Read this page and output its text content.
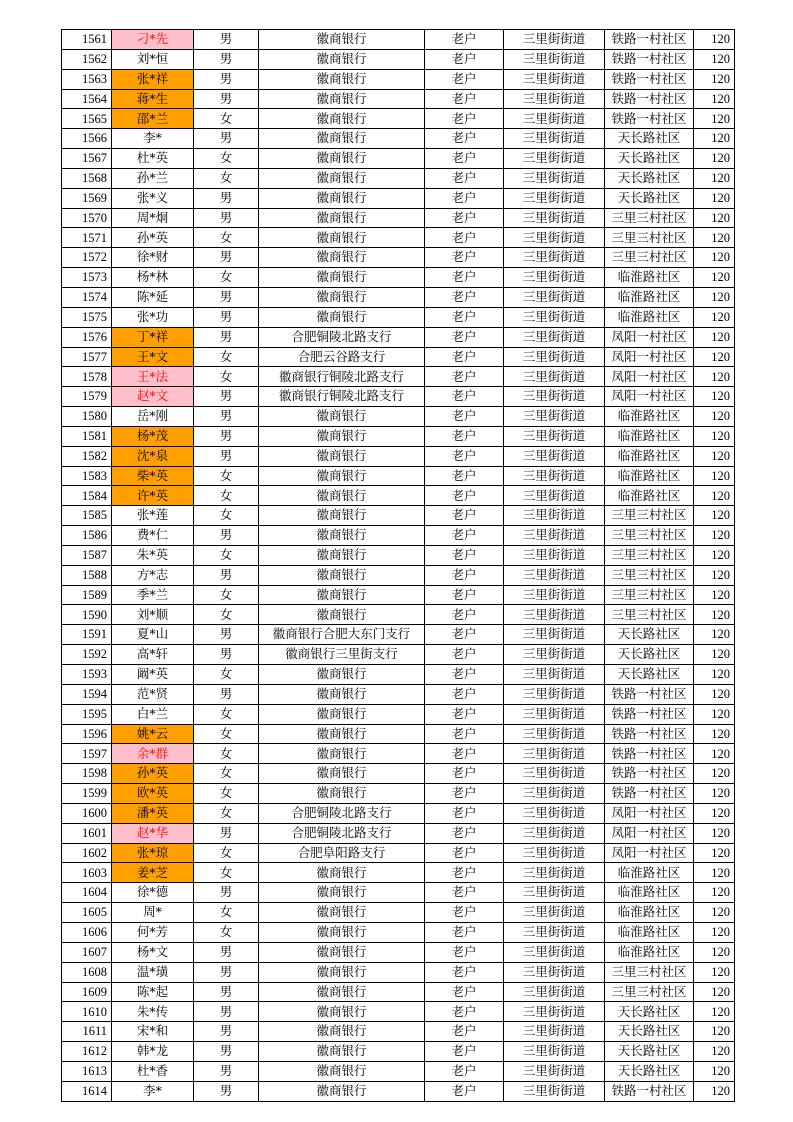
1561	刁*先	男	徽商银行	老户	三里街街道	铁路一村社区	120
1562	刘*恒	男	徽商银行	老户	三里街街道	铁路一村社区	120
1563	张*祥	男	徽商银行	老户	三里街街道	铁路一村社区	120
1564	蒋*生	男	徽商银行	老户	三里街街道	铁路一村社区	120
1565	邵*兰	女	徽商银行	老户	三里街街道	铁路一村社区	120
1566	李*	男	徽商银行	老户	三里街街道	天长路社区	120
1567	杜*英	女	徽商银行	老户	三里街街道	天长路社区	120
1568	孙*兰	女	徽商银行	老户	三里街街道	天长路社区	120
1569	张*义	男	徽商银行	老户	三里街街道	天长路社区	120
1570	周*炯	男	徽商银行	老户	三里街街道	三里三村社区	120
1571	孙*英	女	徽商银行	老户	三里街街道	三里三村社区	120
1572	徐*财	男	徽商银行	老户	三里街街道	三里三村社区	120
1573	杨*林	女	徽商银行	老户	三里街街道	临淮路社区	120
1574	陈*延	男	徽商银行	老户	三里街街道	临淮路社区	120
1575	张*功	男	徽商银行	老户	三里街街道	临淮路社区	120
1576	丁*祥	男	合肥铜陵北路支行	老户	三里街街道	凤阳一村社区	120
1577	王*文	女	合肥云谷路支行	老户	三里街街道	凤阳一村社区	120
1578	王*法	女	徽商银行铜陵北路支行	老户	三里街街道	凤阳一村社区	120
1579	赵*文	男	徽商银行铜陵北路支行	老户	三里街街道	凤阳一村社区	120
1580	岳*刚	男	徽商银行	老户	三里街街道	临淮路社区	120
1581	杨*茂	男	徽商银行	老户	三里街街道	临淮路社区	120
1582	沈*泉	男	徽商银行	老户	三里街街道	临淮路社区	120
1583	柴*英	女	徽商银行	老户	三里街街道	临淮路社区	120
1584	许*英	女	徽商银行	老户	三里街街道	临淮路社区	120
1585	张*莲	女	徽商银行	老户	三里街街道	三里三村社区	120
1586	费*仁	男	徽商银行	老户	三里街街道	三里三村社区	120
1587	朱*英	女	徽商银行	老户	三里街街道	三里三村社区	120
1588	方*志	男	徽商银行	老户	三里街街道	三里三村社区	120
1589	季*兰	女	徽商银行	老户	三里街街道	三里三村社区	120
1590	刘*顺	女	徽商银行	老户	三里街街道	三里三村社区	120
1591	夏*山	男	徽商银行合肥大东门支行	老户	三里街街道	天长路社区	120
1592	高*轩	男	徽商银行三里街支行	老户	三里街街道	天长路社区	120
1593	阚*英	女	徽商银行	老户	三里街街道	天长路社区	120
1594	范*贤	男	徽商银行	老户	三里街街道	铁路一村社区	120
1595	白*兰	女	徽商银行	老户	三里街街道	铁路一村社区	120
1596	姚*云	女	徽商银行	老户	三里街街道	铁路一村社区	120
1597	余*群	女	徽商银行	老户	三里街街道	铁路一村社区	120
1598	孙*英	女	徽商银行	老户	三里街街道	铁路一村社区	120
1599	欧*英	女	徽商银行	老户	三里街街道	铁路一村社区	120
1600	潘*英	女	合肥铜陵北路支行	老户	三里街街道	凤阳一村社区	120
1601	赵*华	男	合肥铜陵北路支行	老户	三里街街道	凤阳一村社区	120
1602	张*琼	女	合肥阜阳路支行	老户	三里街街道	凤阳一村社区	120
1603	姜*芝	女	徽商银行	老户	三里街街道	临淮路社区	120
1604	徐*德	男	徽商银行	老户	三里街街道	临淮路社区	120
1605	周*	女	徽商银行	老户	三里街街道	临淮路社区	120
1606	何*芳	女	徽商银行	老户	三里街街道	临淮路社区	120
1607	杨*文	男	徽商银行	老户	三里街街道	临淮路社区	120
1608	温*璜	男	徽商银行	老户	三里街街道	三里三村社区	120
1609	陈*起	男	徽商银行	老户	三里街街道	三里三村社区	120
1610	朱*传	男	徽商银行	老户	三里街街道	天长路社区	120
1611	宋*和	男	徽商银行	老户	三里街街道	天长路社区	120
1612	韩*龙	男	徽商银行	老户	三里街街道	天长路社区	120
1613	杜*香	男	徽商银行	老户	三里街街道	天长路社区	120
1614	李*	男	徽商银行	老户	三里街街道	铁路一村社区	120
